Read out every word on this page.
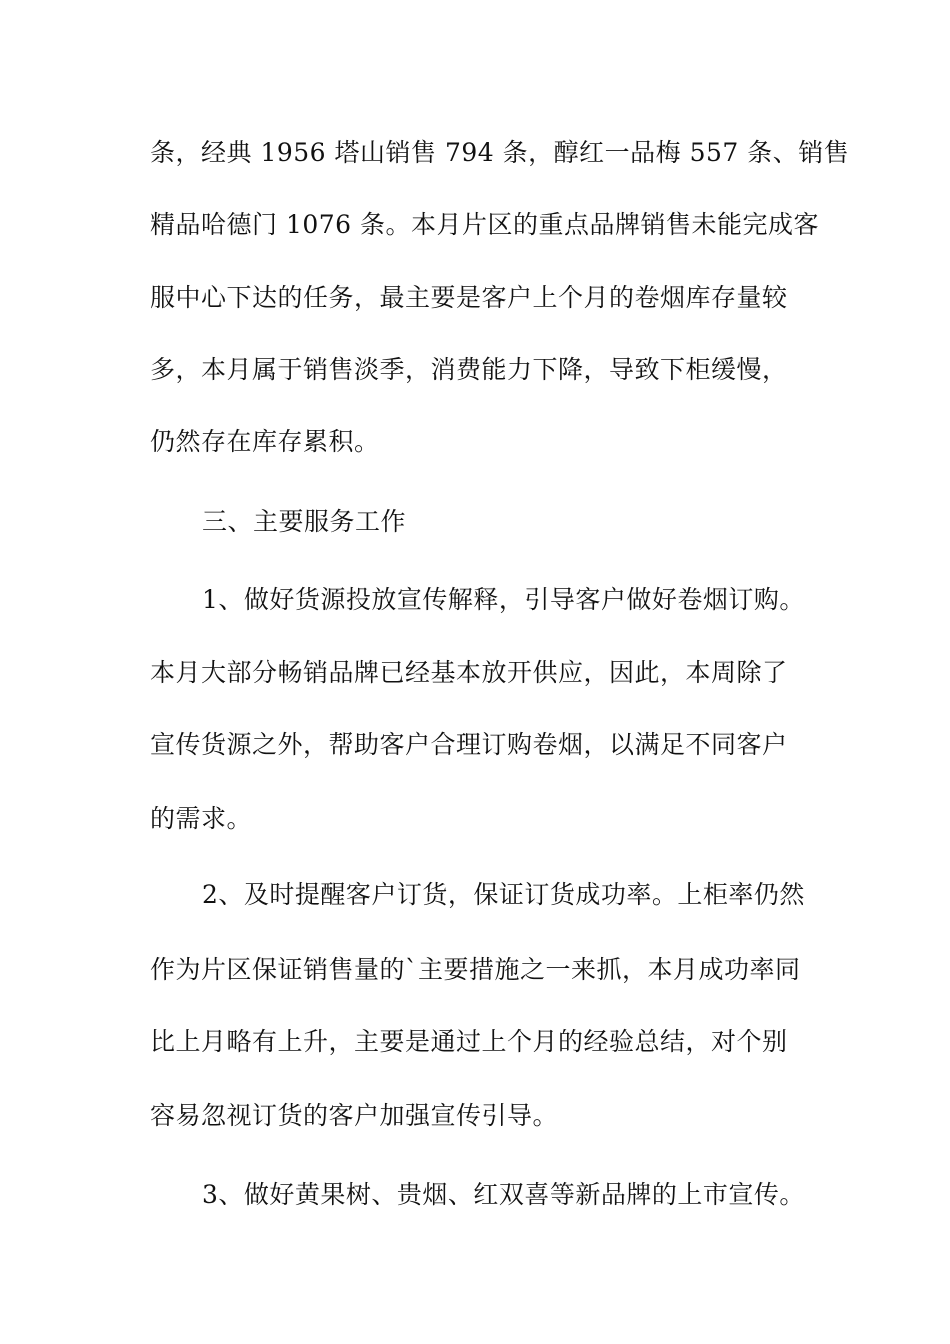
条，经典 1956 塔山销售 794 条，醇红一品梅 557 条、销售
精品哈德门 1076 条。本月片区的重点品牌销售未能完成客
服中心下达的任务，最主要是客户上个月的卷烟库存量较
多，本月属于销售淡季，消费能力下降，导致下柜缓慢，
仍然存在库存累积。
三、主要服务工作
1、做好货源投放宣传解释，引导客户做好卷烟订购。
本月大部分畅销品牌已经基本放开供应，因此，本周除了
宣传货源之外，帮助客户合理订购卷烟，以满足不同客户
的需求。
2、及时提醒客户订货，保证订货成功率。上柜率仍然
作为片区保证销售量的`主要措施之一来抓，本月成功率同
比上月略有上升，主要是通过上个月的经验总结，对个别
容易忽视订货的客户加强宣传引导。
3、做好黄果树、贵烟、红双喜等新品牌的上市宣传。
